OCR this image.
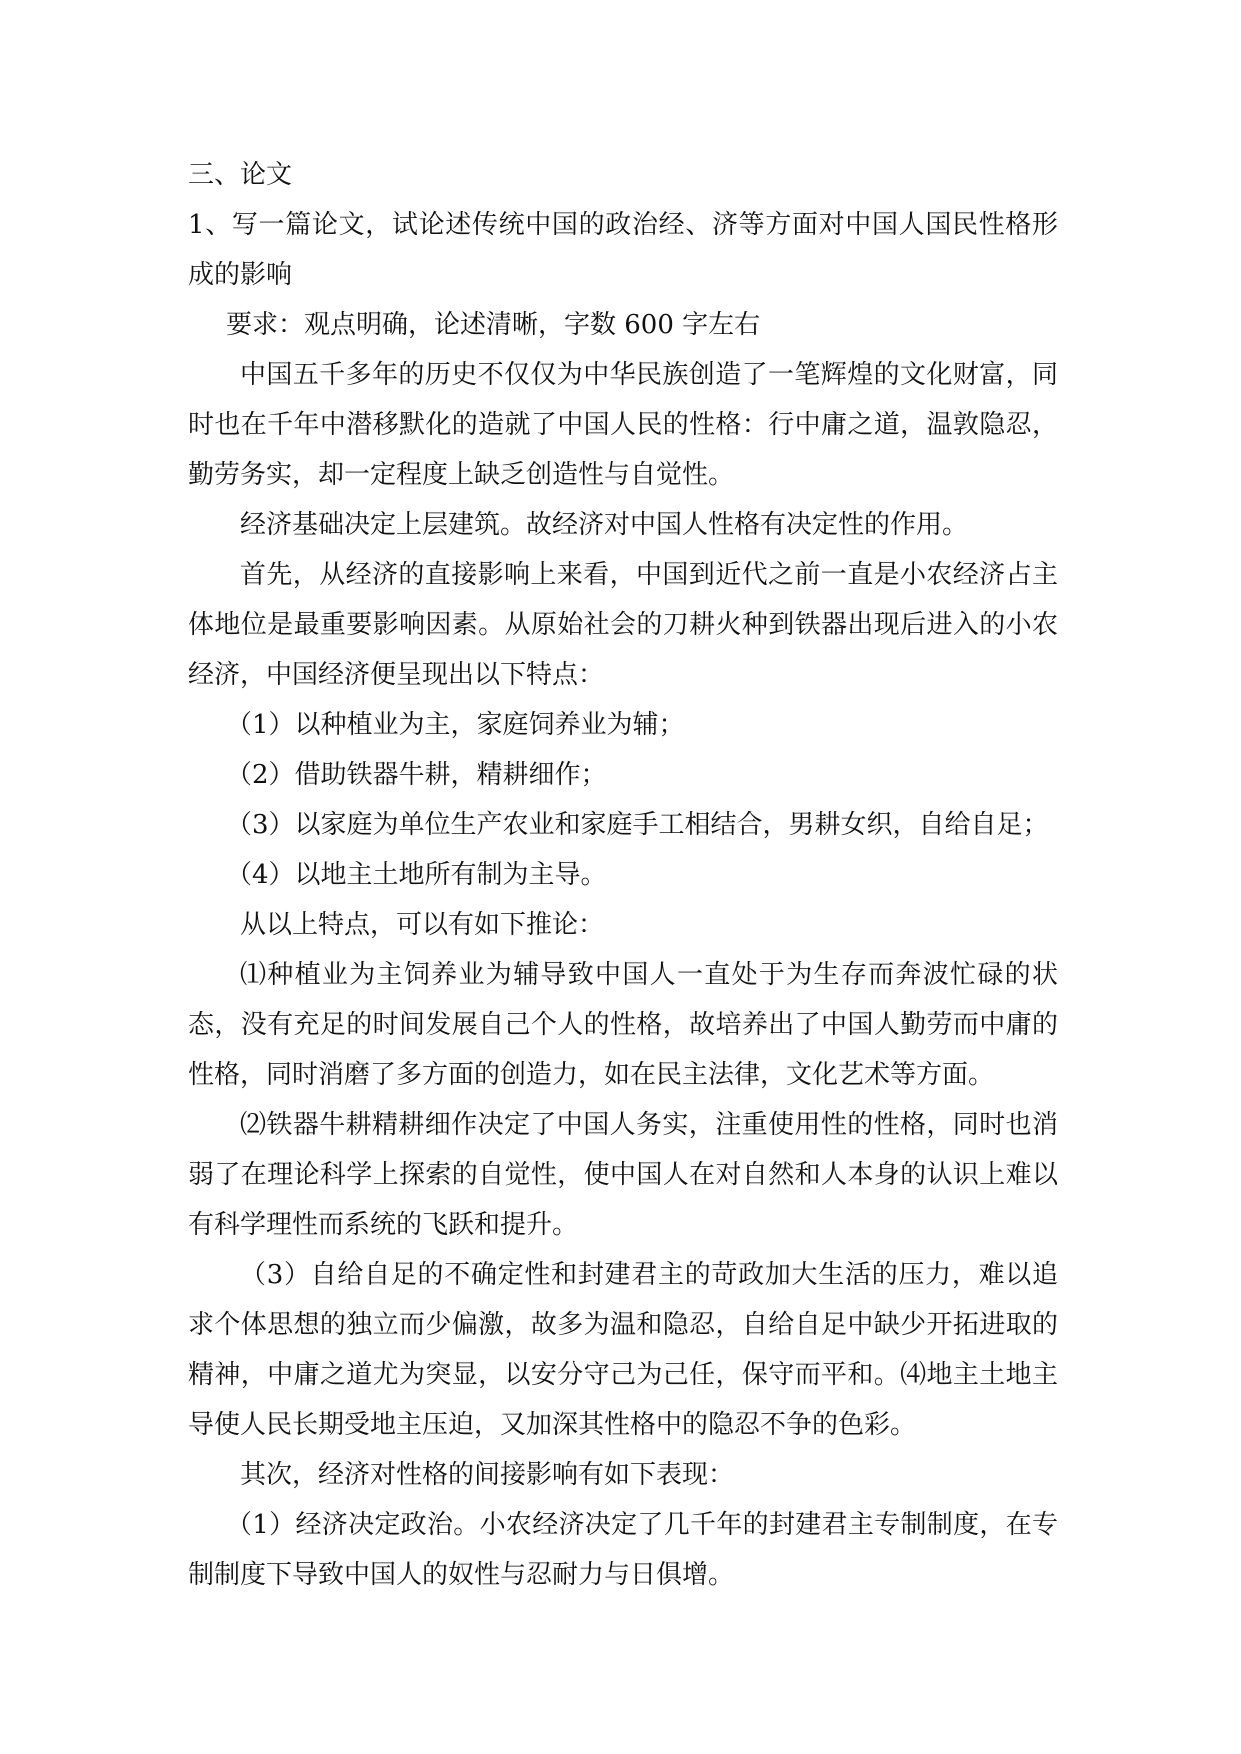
三、论文

1、写一篇论文，试论述传统中国的政治经、济等方面对中国人国民性格形成的影响

要求：观点明确，论述清晰，字数 600 字左右

中国五千多年的历史不仅仅为中华民族创造了一笔辉煌的文化财富，同时也在千年中潜移默化的造就了中国人民的性格：行中庸之道，温敦隐忍，勤劳务实，却一定程度上缺乏创造性与自觉性。

经济基础决定上层建筑。故经济对中国人性格有决定性的作用。

首先，从经济的直接影响上来看，中国到近代之前一直是小农经济占主体地位是最重要影响因素。从原始社会的刀耕火种到铁器出现后进入的小农经济，中国经济便呈现出以下特点：

（1）以种植业为主，家庭饲养业为辅；

（2）借助铁器牛耕，精耕细作；

（3）以家庭为单位生产农业和家庭手工相结合，男耕女织，自给自足；

（4）以地主土地所有制为主导。

从以上特点，可以有如下推论：

⑴种植业为主饲养业为辅导致中国人一直处于为生存而奔波忙碌的状态，没有充足的时间发展自己个人的性格，故培养出了中国人勤劳而中庸的性格，同时消磨了多方面的创造力，如在民主法律，文化艺术等方面。

⑵铁器牛耕精耕细作决定了中国人务实，注重使用性的性格，同时也消弱了在理论科学上探索的自觉性，使中国人在对自然和人本身的认识上难以有科学理性而系统的飞跃和提升。

（3）自给自足的不确定性和封建君主的苛政加大生活的压力，难以追求个体思想的独立而少偏激，故多为温和隐忍，自给自足中缺少开拓进取的精神，中庸之道尤为突显，以安分守己为己任，保守而平和。⑷地主土地主导使人民长期受地主压迫，又加深其性格中的隐忍不争的色彩。

其次，经济对性格的间接影响有如下表现：

（1）经济决定政治。小农经济决定了几千年的封建君主专制制度，在专制制度下导致中国人的奴性与忍耐力与日俱增。
